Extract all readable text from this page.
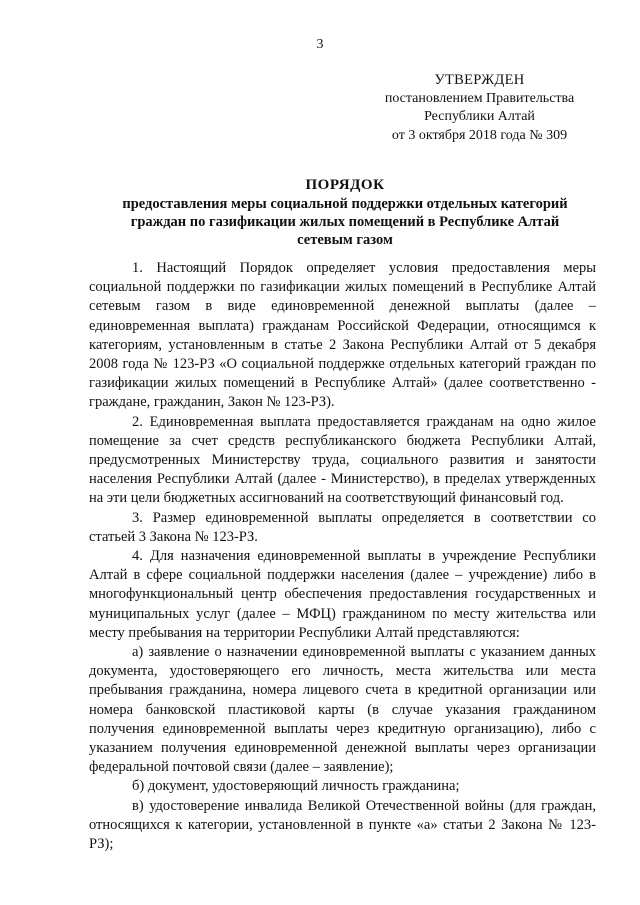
3
УТВЕРЖДЕН
постановлением Правительства
Республики Алтай
от 3 октября 2018 года № 309
ПОРЯДОК
предоставления меры социальной поддержки отдельных категорий
граждан по газификации жилых помещений в Республике Алтай
сетевым газом

1. Настоящий Порядок определяет условия предоставления меры социальной поддержки по газификации жилых помещений в Республике Алтай сетевым газом в виде единовременной денежной выплаты (далее – единовременная выплата) гражданам Российской Федерации, относящимся к категориям, установленным в статье 2 Закона Республики Алтай от 5 декабря 2008 года № 123-РЗ «О социальной поддержке отдельных категорий граждан по газификации жилых помещений в Республике Алтай» (далее соответственно - граждане, гражданин, Закон № 123-РЗ).

2. Единовременная выплата предоставляется гражданам на одно жилое помещение за счет средств республиканского бюджета Республики Алтай, предусмотренных Министерству труда, социального развития и занятости населения Республики Алтай (далее - Министерство), в пределах утвержденных на эти цели бюджетных ассигнований на соответствующий финансовый год.

3. Размер единовременной выплаты определяется в соответствии со статьей 3 Закона № 123-РЗ.

4. Для назначения единовременной выплаты в учреждение Республики Алтай в сфере социальной поддержки населения (далее – учреждение) либо в многофункциональный центр обеспечения предоставления государственных и муниципальных услуг (далее – МФЦ) гражданином по месту жительства или месту пребывания на территории Республики Алтай представляются:

а) заявление о назначении единовременной выплаты с указанием данных документа, удостоверяющего его личность, места жительства или места пребывания гражданина, номера лицевого счета в кредитной организации или номера банковской пластиковой карты (в случае указания гражданином получения единовременной выплаты через кредитную организацию), либо с указанием получения единовременной денежной выплаты через организации федеральной почтовой связи (далее – заявление);

б) документ, удостоверяющий личность гражданина;

в) удостоверение инвалида Великой Отечественной войны (для граждан, относящихся к категории, установленной в пункте «а» статьи 2 Закона № 123-РЗ);
